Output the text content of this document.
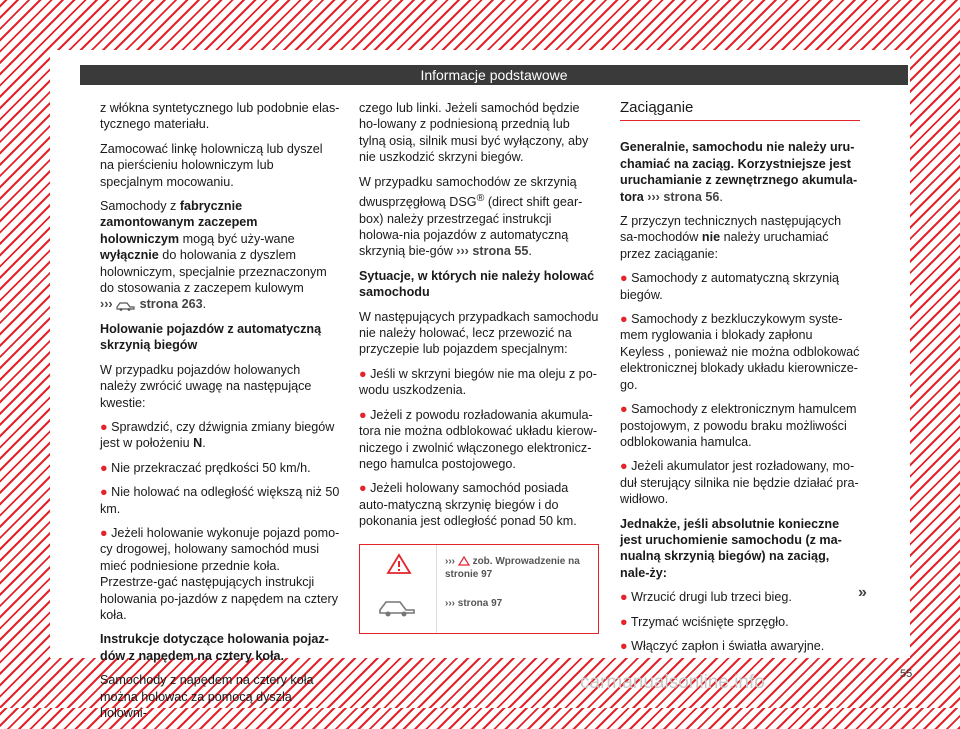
Informacje podstawowe

z włókna syntetycznego lub podobnie elas-tycznego materiału.

Zamocować linkę holowniczą lub dyszel na pierścieniu holowniczym lub specjalnym mocowaniu.

Samochody z fabrycznie zamontowanym zaczepem holowniczym mogą być uży-wane wyłącznie do holowania z dyszlem holowniczym, specjalnie przeznaczonym do stosowania z zaczepem kulowym
››› strona 263.

Holowanie pojazdów z automatyczną skrzynią biegów

W przypadku pojazdów holowanych należy zwrócić uwagę na następujące kwestie:

● Sprawdzić, czy dźwignia zmiany biegów jest w położeniu N.

● Nie przekraczać prędkości 50 km/h.

● Nie holować na odległość większą niż 50 km.

● Jeżeli holowanie wykonuje pojazd pomo-cy drogowej, holowany samochód musi mieć podniesione przednie koła. Przestrze-gać następujących instrukcji holowania po-jazdów z napędem na cztery koła.

Instrukcje dotyczące holowania pojaz-dów z napędem na cztery koła.

Samochody z napędem na cztery koła można holować za pomocą dyszla holowni-

czego lub linki. Jeżeli samochód będzie ho-lowany z podniesioną przednią lub tylną osią, silnik musi być wyłączony, aby nie uszkodzić skrzyni biegów.

W przypadku samochodów ze skrzynią dwusprzęgłową DSG® (direct shift gear-box) należy przestrzegać instrukcji holowa-nia pojazdów z automatyczną skrzynią bie-gów ››› strona 55.

Sytuacje, w których nie należy holować samochodu

W następujących przypadkach samochodu nie należy holować, lecz przewozić na przyczepie lub pojazdem specjalnym:

● Jeśli w skrzyni biegów nie ma oleju z po-wodu uszkodzenia.

● Jeżeli z powodu rozładowania akumula-tora nie można odblokować układu kierow-niczego i zwolnić włączonego elektronicz-nego hamulca postojowego.

● Jeżeli holowany samochód posiada auto-matyczną skrzynię biegów i do pokonania jest odległość ponad 50 km.

››› zob. Wprowadzenie na stronie 97
››› strona 97
Zaciąganie

Generalnie, samochodu nie należy uru-chamiać na zaciąg. Korzystniejsze jest uruchamianie z zewnętrznego akumula-tora ››› strona 56.

Z przyczyn technicznych następujących sa-mochodów nie należy uruchamiać przez zaciąganie:

● Samochody z automatyczną skrzynią biegów.

● Samochody z bezkluczykowym syste-mem ryglowania i blokady zapłonu Keyless , ponieważ nie można odblokować elektronicznej blokady układu kierownicze-go.

● Samochody z elektronicznym hamulcem postojowym, z powodu braku możliwości odblokowania hamulca.

● Jeżeli akumulator jest rozładowany, mo-duł sterujący silnika nie będzie działać pra-widłowo.

Jednakże, jeśli absolutnie konieczne jest uruchomienie samochodu (z ma-nualną skrzynią biegów) na zaciąg, nale-ży:

● Wrzucić drugi lub trzeci bieg.

● Trzymać wciśnięte sprzęgło.

● Włączyć zapłon i światła awaryjne.

»
55
carmanualsonline.info
